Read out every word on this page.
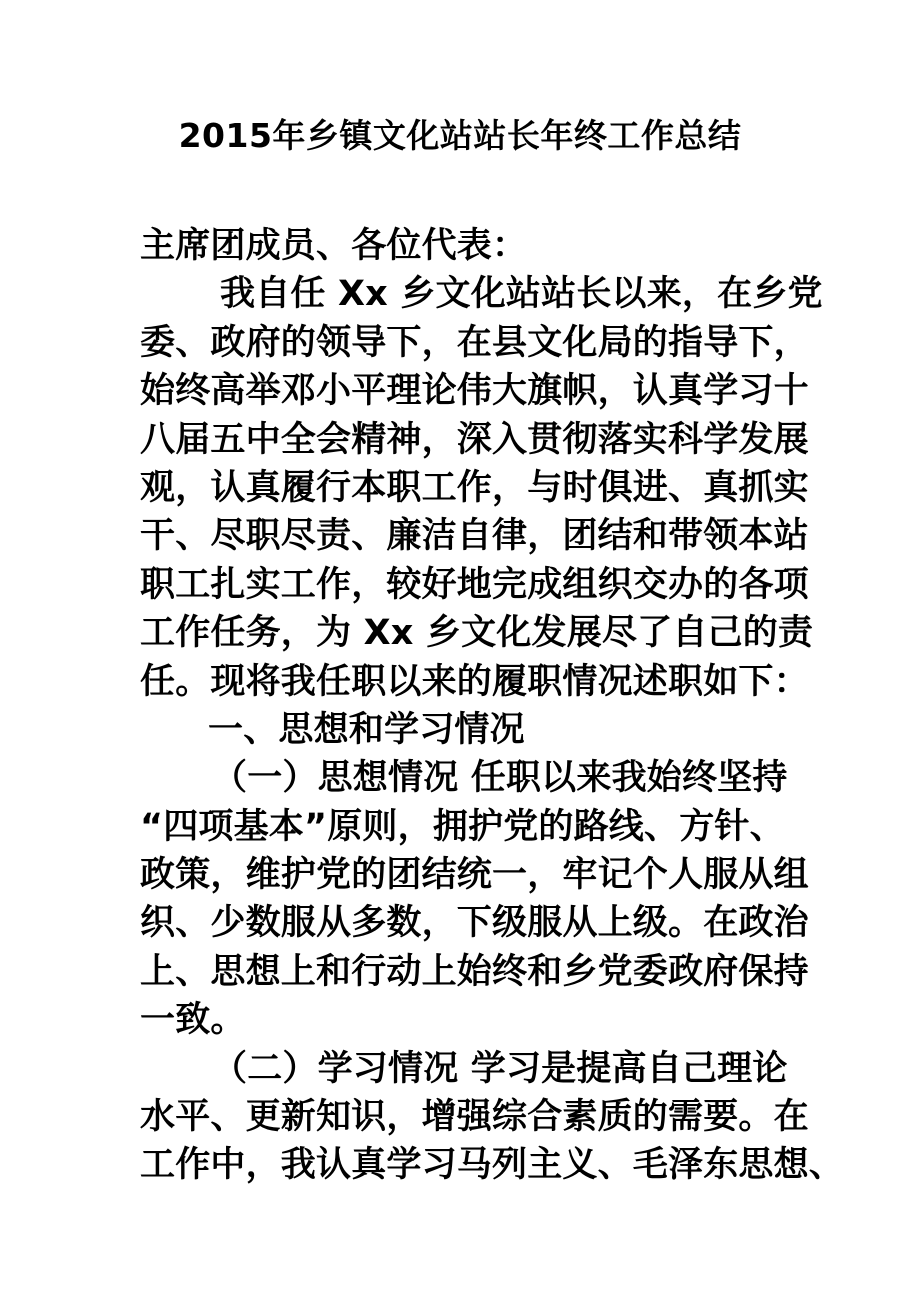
2015年乡镇文化站站长年终工作总结
主席团成员、各位代表：
我自任 Xx 乡文化站站长以来，在乡党
委、政府的领导下，在县文化局的指导下，
始终高举邓小平理论伟大旗帜，认真学习十
八届五中全会精神，深入贯彻落实科学发展
观，认真履行本职工作，与时俱进、真抓实
干、尽职尽责、廉洁自律，团结和带领本站
职工扎实工作，较好地完成组织交办的各项
工作任务，为 Xx 乡文化发展尽了自己的责
任。现将我任职以来的履职情况述职如下：
一、思想和学习情况
（一）思想情况 任职以来我始终坚持
“四项基本”原则，拥护党的路线、方针、
政策，维护党的团结统一，牢记个人服从组
织、少数服从多数，下级服从上级。在政治
上、思想上和行动上始终和乡党委政府保持
一致。
（二）学习情况 学习是提高自己理论
水平、更新知识，增强综合素质的需要。在
工作中，我认真学习马列主义、毛泽东思想、
